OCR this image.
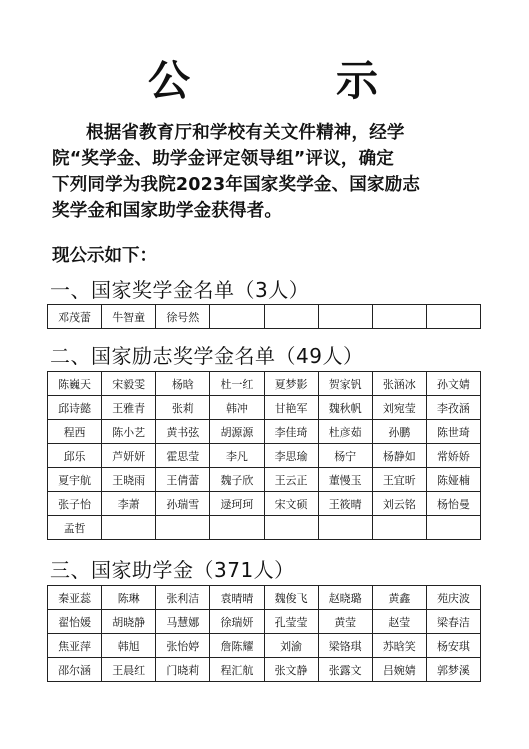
公	示

根据省教育厅和学校有关文件精神，经学

院“奖学金、助学金评定领导组”评议，确定

下列同学为我院2023年国家奖学金、国家励志

奖学金和国家助学金获得者。

现公示如下：
一、国家奖学金名单（3人）
邓茂蕾	牛智童	徐号然					
二、国家励志奖学金名单（49人）
陈巍天	宋毅雯	杨晗	杜一红	夏梦影	贺家钒	张涵冰	孙文婧
邱诗懿	王雅青	张莉	韩冲	甘艳军	魏秋帆	刘宛莹	李孜涵
程西	陈小艺	黄书弦	胡源源	李佳琦	杜彦茹	孙鹏	陈世琦
邱乐	芦妍妍	霍思莹	李凡	李思瑜	杨宁	杨静如	常娇娇
夏宇航	王晓雨	王倩蕾	魏子欣	王云正	董慢玉	王宜昕	陈娅楠
张子怡	李萧	孙瑞雪	逯珂珂	宋文硕	王筱晴	刘云铭	杨怡曼
孟哲							
三、国家助学金（371人）
秦亚蕊	陈琳	张利洁	袁晴晴	魏俊飞	赵晓璐	黄鑫	苑庆波
翟怡媛	胡晓静	马慧娜	徐瑞妍	孔莹莹	黄莹	赵莹	梁春洁
焦亚萍	韩旭	张怡婷	詹陈耀	刘渝	梁铬琪	苏晗笑	杨安琪
邵尔涵	王晨红	门晓莉	程汇航	张文静	张露文	吕婉婧	郭梦溪
